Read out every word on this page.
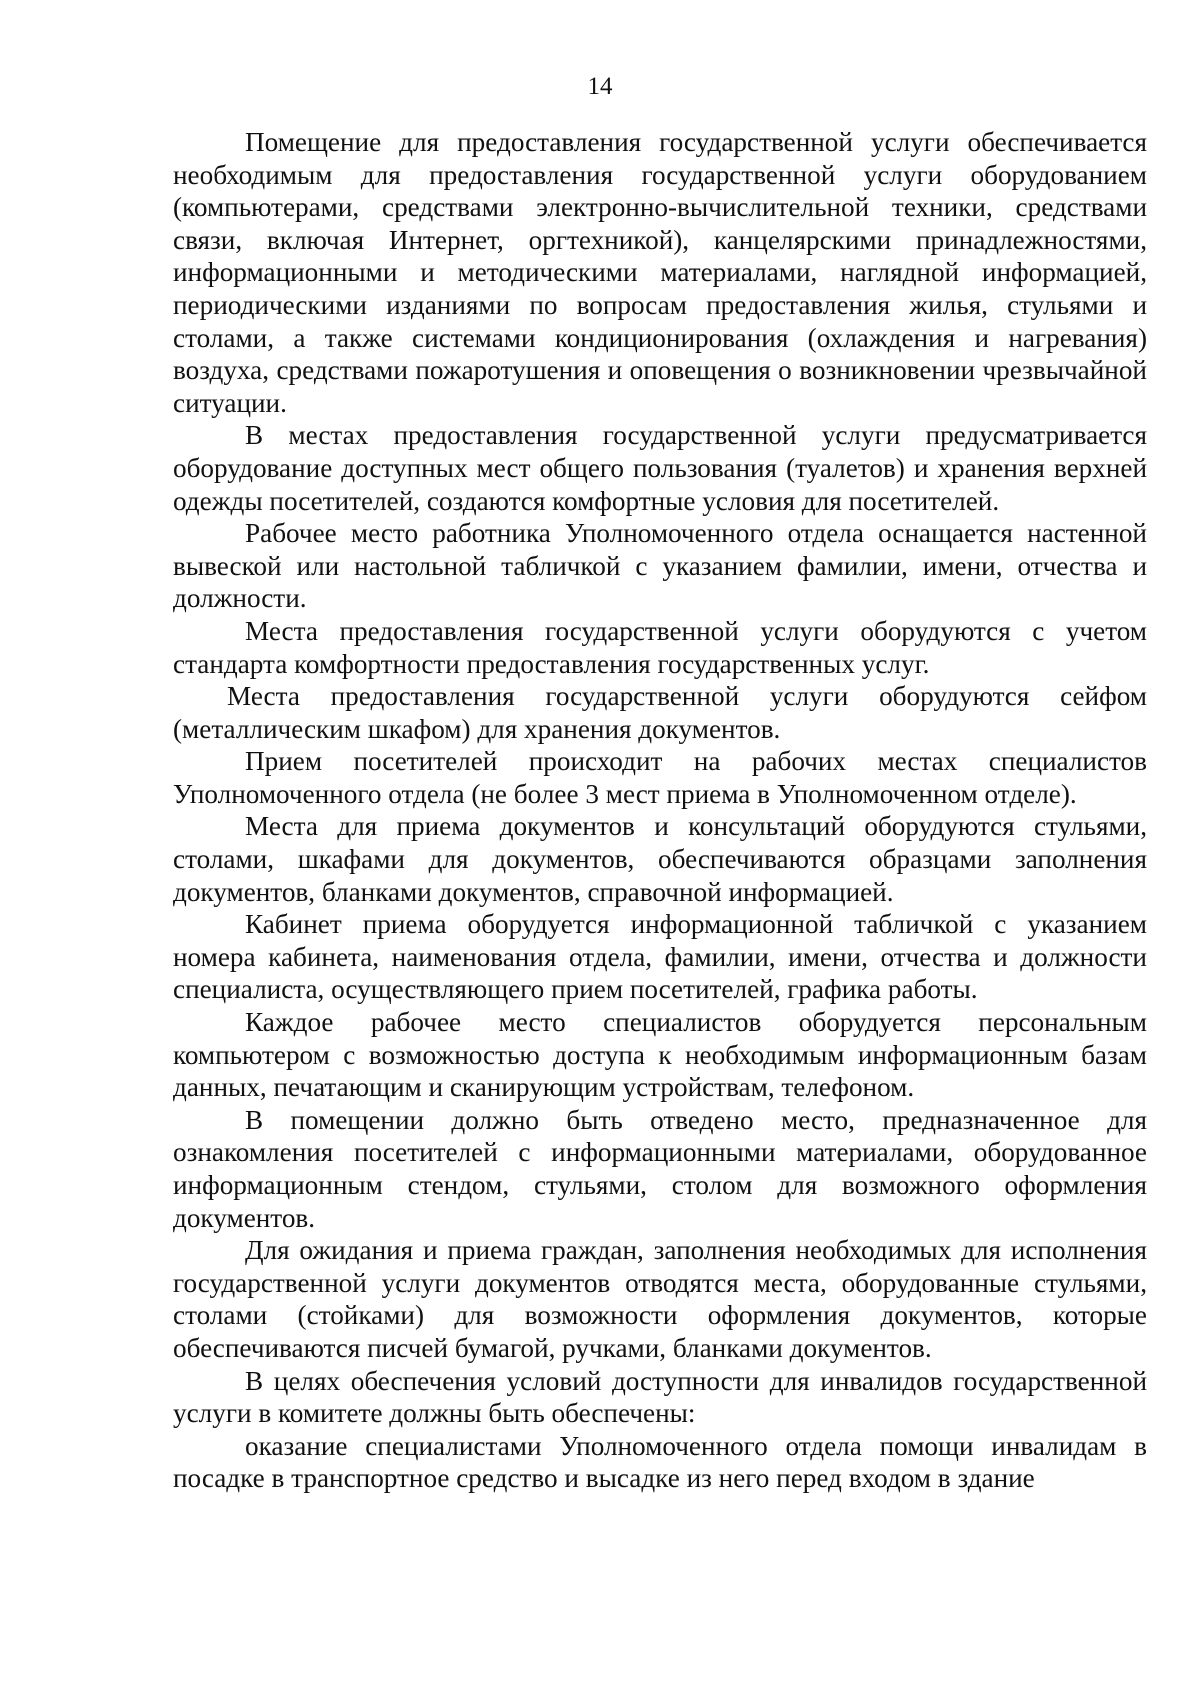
14

Помещение для предоставления государственной услуги обеспечивается необходимым для предоставления государственной услуги оборудованием (компьютерами, средствами электронно-вычислительной техники, средствами связи, включая Интернет, оргтехникой), канцелярскими принадлежностями, информационными и методическими материалами, наглядной информацией, периодическими изданиями по вопросам предоставления жилья, стульями и столами, а также системами кондиционирования (охлаждения и нагревания) воздуха, средствами пожаротушения и оповещения о возникновении чрезвычайной ситуации.

В местах предоставления государственной услуги предусматривается оборудование доступных мест общего пользования (туалетов) и хранения верхней одежды посетителей, создаются комфортные условия для посетителей.

Рабочее место работника Уполномоченного отдела оснащается настенной вывеской или настольной табличкой с указанием фамилии, имени, отчества и должности.

Места предоставления государственной услуги оборудуются с учетом стандарта комфортности предоставления государственных услуг.

Места предоставления государственной услуги оборудуются сейфом (металлическим шкафом) для хранения документов.

Прием посетителей происходит на рабочих местах специалистов Уполномоченного отдела (не более 3 мест приема в Уполномоченном отделе).

Места для приема документов и консультаций оборудуются стульями, столами, шкафами для документов, обеспечиваются образцами заполнения документов, бланками документов, справочной информацией.

Кабинет приема оборудуется информационной табличкой с указанием номера кабинета, наименования отдела, фамилии, имени, отчества и должности специалиста, осуществляющего прием посетителей, графика работы.

Каждое рабочее место специалистов оборудуется персональным компьютером с возможностью доступа к необходимым информационным базам данных, печатающим и сканирующим устройствам, телефоном.

В помещении должно быть отведено место, предназначенное для ознакомления посетителей с информационными материалами, оборудованное информационным стендом, стульями, столом для возможного оформления документов.

Для ожидания и приема граждан, заполнения необходимых для исполнения государственной услуги документов отводятся места, оборудованные стульями, столами (стойками) для возможности оформления документов, которые обеспечиваются писчей бумагой, ручками, бланками документов.

В целях обеспечения условий доступности для инвалидов государственной услуги в комитете должны быть обеспечены:

оказание специалистами Уполномоченного отдела помощи инвалидам в посадке в транспортное средство и высадке из него перед входом в здание
